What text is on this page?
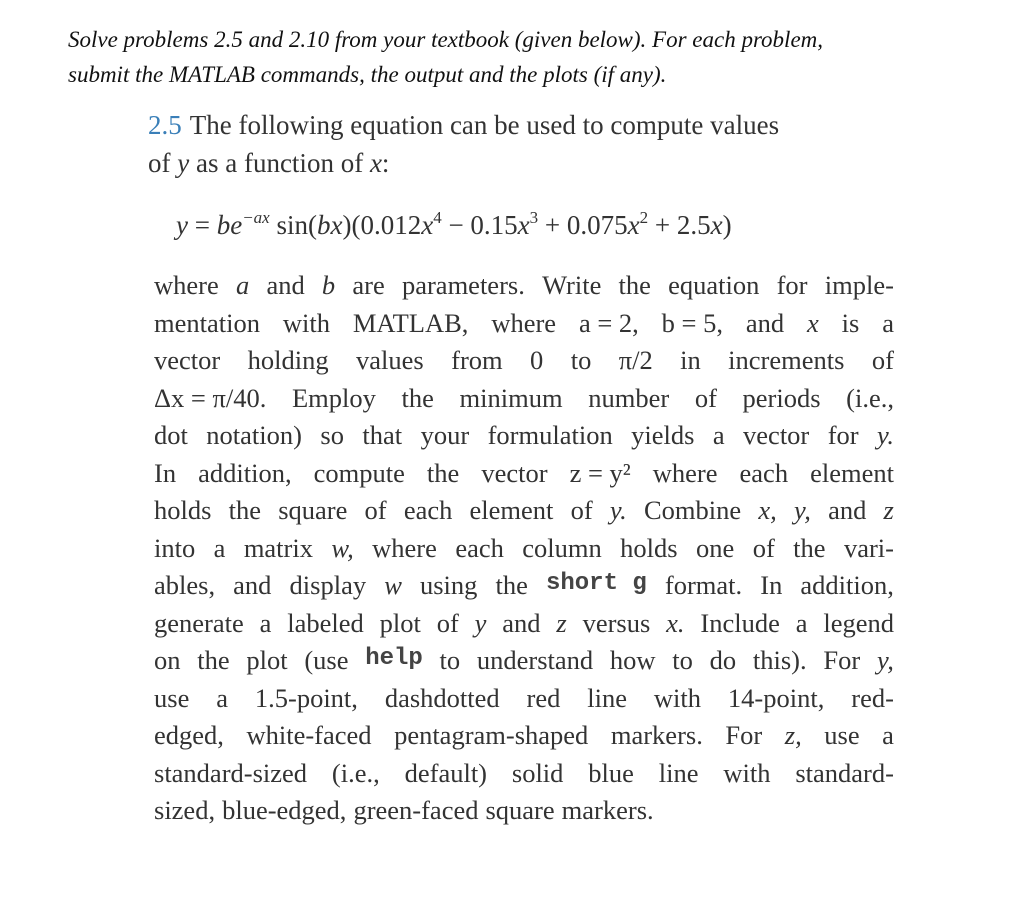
Solve problems 2.5 and 2.10 from your textbook (given below). For each problem,
submit the MATLAB commands, the output and the plots (if any).
2.5 The following equation can be used to compute values
of y as a function of x:
$y = be^{-ax}$ $\sin(bx)(0.012x^4 - 0.15x^3 + 0.075x^2 + 2.5x)$
where a and b are parameters. Write the equation for imple-
mentation with MATLAB, where a = 2, b = 5, and x is a
vector holding values from 0 to π/2 in increments of
Δx = π/40. Employ the minimum number of periods (i.e.,
dot notation) so that your formulation yields a vector for y.
In addition, compute the vector z = y² where each element
holds the square of each element of y. Combine x, y, and z
into a matrix w, where each column holds one of the vari-
ables, and display w using the short g format. In addition,
generate a labeled plot of y and z versus x. Include a legend
on the plot (use help to understand how to do this). For y,
use a 1.5-point, dashdotted red line with 14-point, red-
edged, white-faced pentagram-shaped markers. For z, use a
standard-sized (i.e., default) solid blue line with standard-
sized, blue-edged, green-faced square markers.
